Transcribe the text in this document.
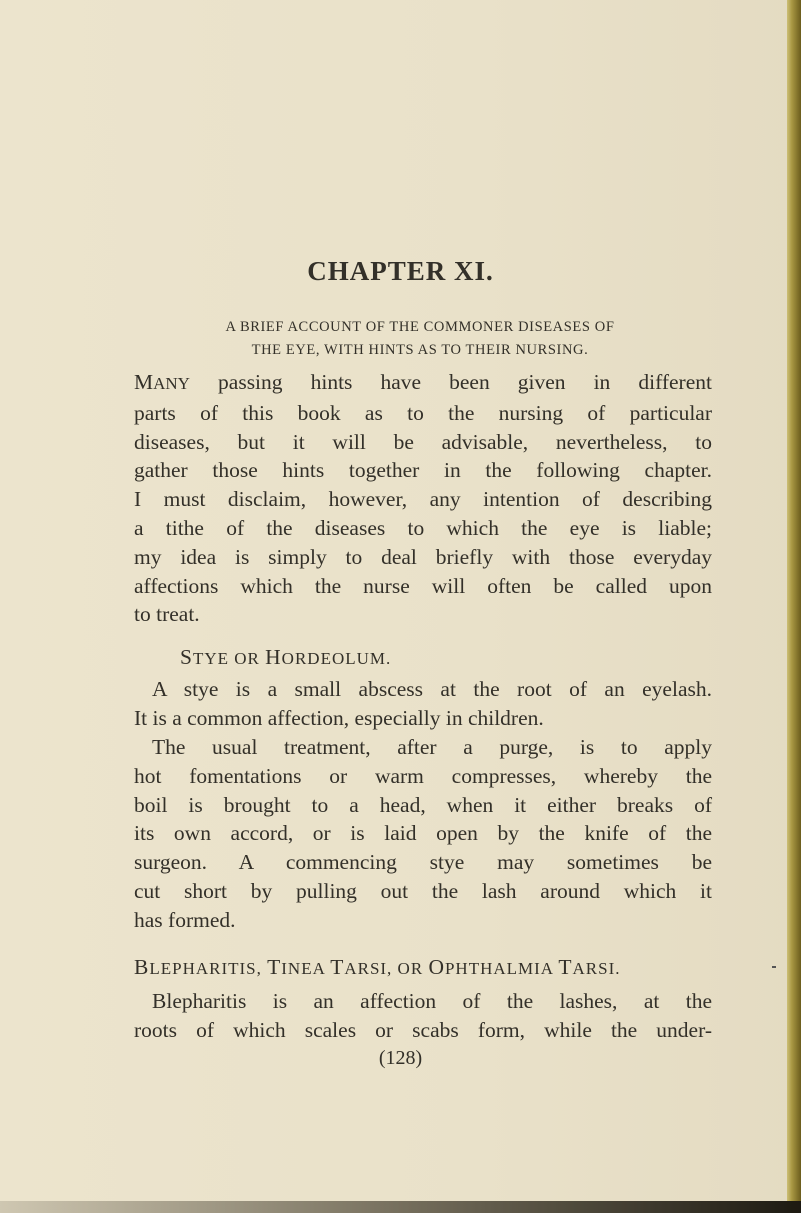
CHAPTER XI.
A BRIEF ACCOUNT OF THE COMMONER DISEASES OF
THE EYE, WITH HINTS AS TO THEIR NURSING.
MANY passing hints have been given in different
parts of this book as to the nursing of particular
diseases, but it will be advisable, nevertheless, to
gather those hints together in the following chapter.
I must disclaim, however, any intention of describing
a tithe of the diseases to which the eye is liable;
my idea is simply to deal briefly with those everyday
affections which the nurse will often be called upon
to treat.
STYE OR HORDEOLUM.
A stye is a small abscess at the root of an eyelash.
It is a common affection, especially in children.
The usual treatment, after a purge, is to apply
hot fomentations or warm compresses, whereby the
boil is brought to a head, when it either breaks of
its own accord, or is laid open by the knife of the
surgeon. A commencing stye may sometimes be
cut short by pulling out the lash around which it
has formed.
BLEPHARITIS, TINEA TARSI, OR OPHTHALMIA TARSI.
Blepharitis is an affection of the lashes, at the
roots of which scales or scabs form, while the under-
(128)
